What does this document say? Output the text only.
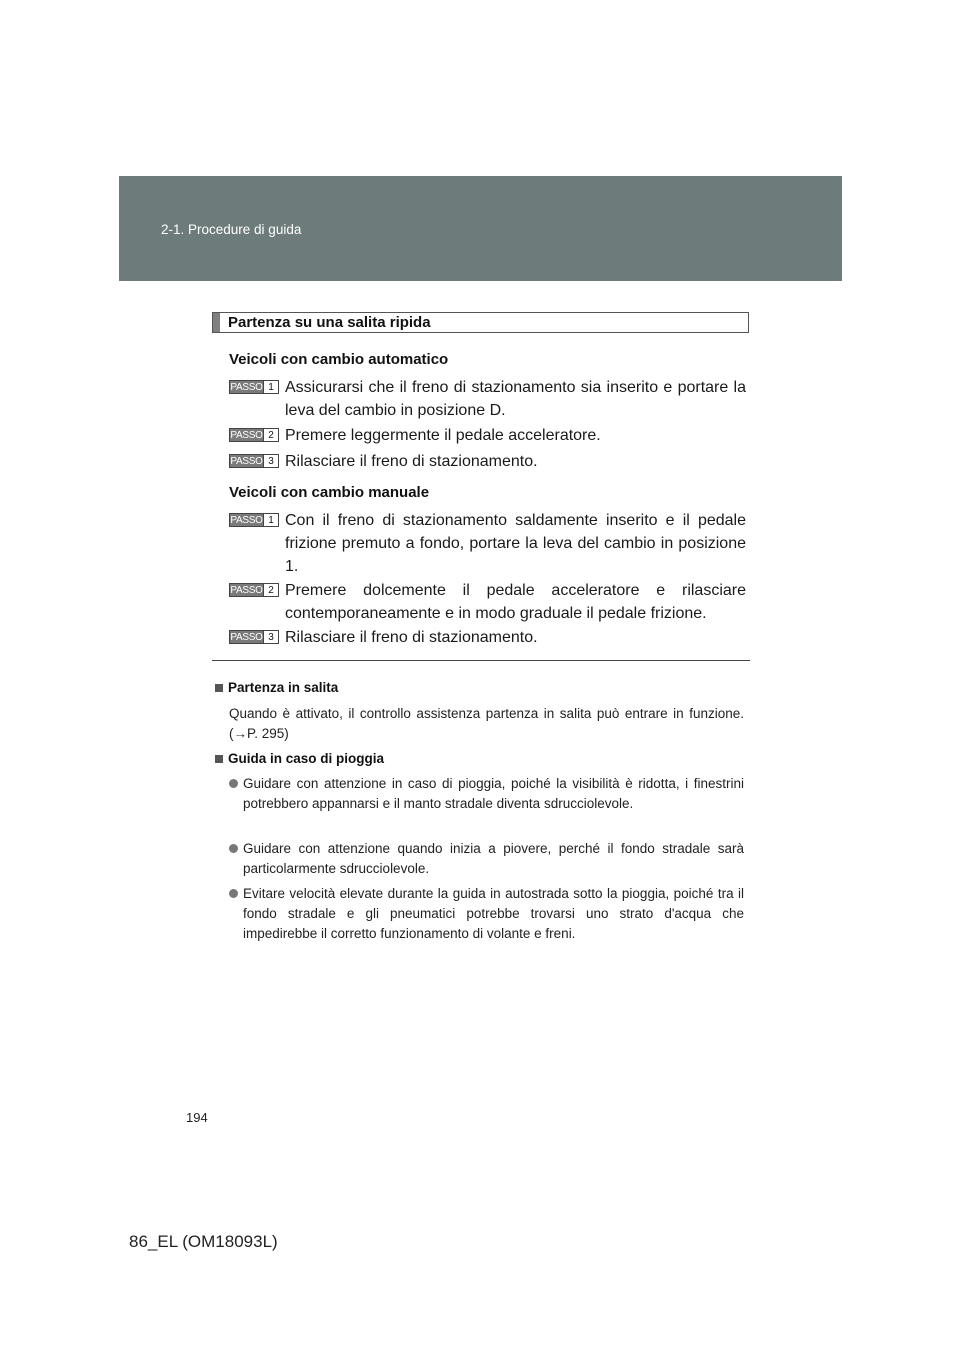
2-1. Procedure di guida
Partenza su una salita ripida
Veicoli con cambio automatico
PASSO 1 Assicurarsi che il freno di stazionamento sia inserito e portare la leva del cambio in posizione D.
PASSO 2 Premere leggermente il pedale acceleratore.
PASSO 3 Rilasciare il freno di stazionamento.
Veicoli con cambio manuale
PASSO 1 Con il freno di stazionamento saldamente inserito e il pedale frizione premuto a fondo, portare la leva del cambio in posizione 1.
PASSO 2 Premere dolcemente il pedale acceleratore e rilasciare contemporaneamente e in modo graduale il pedale frizione.
PASSO 3 Rilasciare il freno di stazionamento.
Partenza in salita
Quando è attivato, il controllo assistenza partenza in salita può entrare in funzione. (→P. 295)
Guida in caso di pioggia
Guidare con attenzione in caso di pioggia, poiché la visibilità è ridotta, i finestrini potrebbero appannarsi e il manto stradale diventa sdrucciolevole.
Guidare con attenzione quando inizia a piovere, perché il fondo stradale sarà particolarmente sdrucciolevole.
Evitare velocità elevate durante la guida in autostrada sotto la pioggia, poiché tra il fondo stradale e gli pneumatici potrebbe trovarsi uno strato d'acqua che impedirebbe il corretto funzionamento di volante e freni.
194
86_EL (OM18093L)
